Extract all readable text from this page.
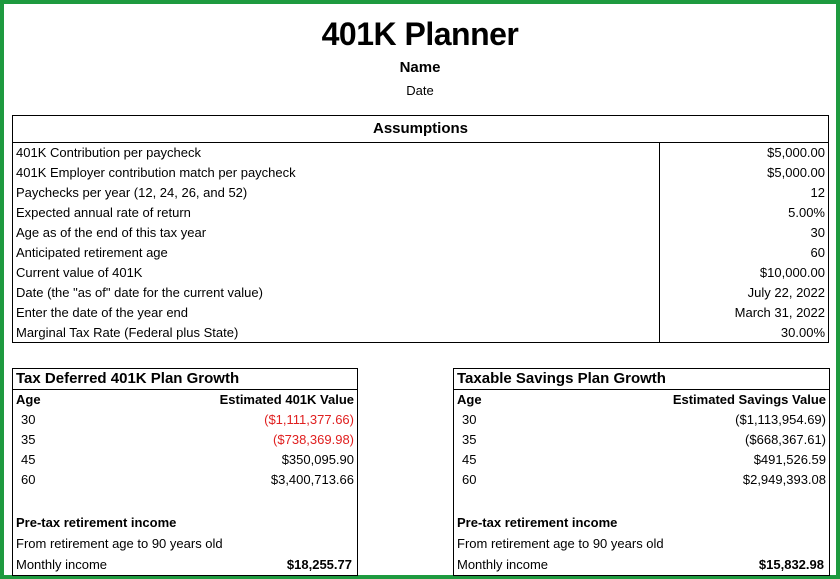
401K Planner
Name
Date
Assumptions
401K Contribution per paycheck	$5,000.00
401K Employer contribution match per paycheck	$5,000.00
Paychecks per year (12, 24, 26, and 52)	12
Expected annual rate of return	5.00%
Age as of the end of this tax year	30
Anticipated retirement age	60
Current value of 401K	$10,000.00
Date (the "as of" date for the current value)	July 22, 2022
Enter the date of the year end	March 31, 2022
Marginal Tax Rate (Federal plus State)	30.00%
Tax Deferred 401K Plan Growth
Age	Estimated 401K Value
30	($1,111,377.66)
35	($738,369.98)
45	$350,095.90
60	$3,400,713.66
Pre-tax retirement income
From retirement age to 90 years old
Monthly income	$18,255.77
Taxable Savings Plan Growth
Age	Estimated Savings Value
30	($1,113,954.69)
35	($668,367.61)
45	$491,526.59
60	$2,949,393.08
Pre-tax retirement income
From retirement age to 90 years old
Monthly income	$15,832.98
